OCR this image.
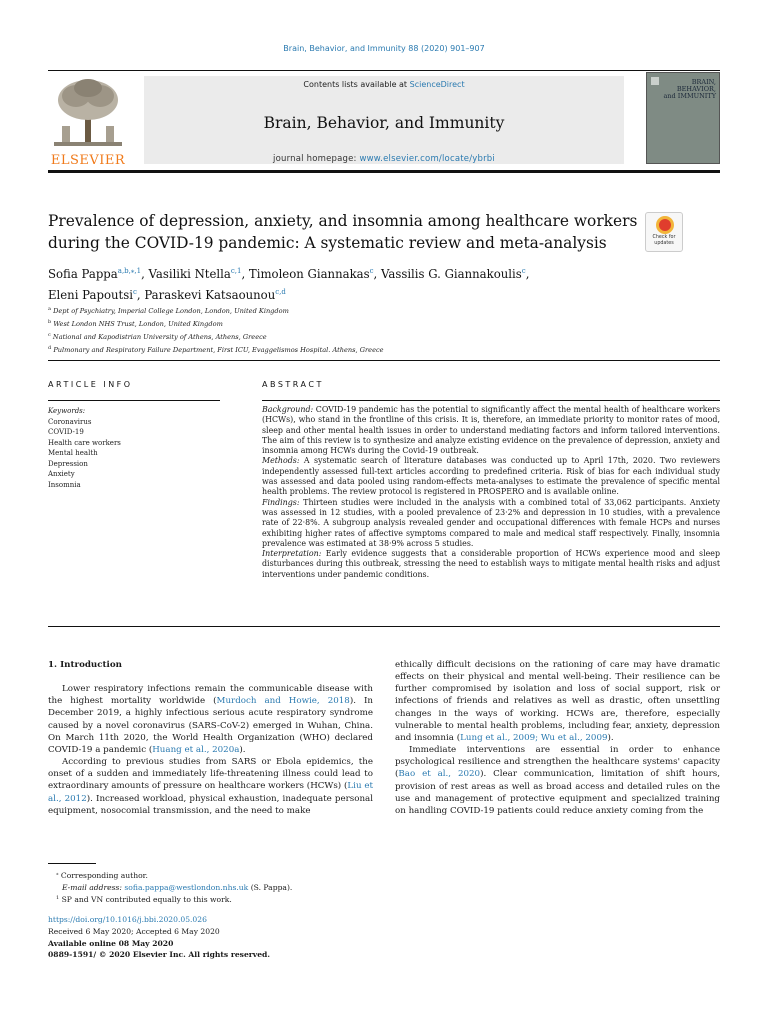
Brain, Behavior, and Immunity 88 (2020) 901–907
ELSEVIER
Contents lists available at ScienceDirect
Brain, Behavior, and Immunity
journal homepage: www.elsevier.com/locate/ybrbi
BRAIN,
BEHAVIOR,
and IMMUNITY
Prevalence of depression, anxiety, and insomnia among healthcare workers during the COVID-19 pandemic: A systematic review and meta-analysis	Check for updates
Sofia Pappa$^{a,b,⁎,1}$, Vasiliki Ntella$^{c,1}$, Timoleon Giannakas$^c$, Vassilis G. Giannakoulis$^c$,
Eleni Papoutsi$^c$, Paraskevi Katsaounou$^{c,d}$
$^a$ Dept of Psychiatry, Imperial College London, London, United Kingdom
$^b$ West London NHS Trust, London, United Kingdom
$^c$ National and Kapodistrian University of Athens, Athens, Greece
$^d$ Pulmonary and Respiratory Failure Department, First ICU, Evaggelismos Hospital. Athens, Greece
ARTICLE INFO
Keywords:
Coronavirus
COVID-19
Health care workers
Mental health
Depression
Anxiety
Insomnia
ABSTRACT

Background: COVID-19 pandemic has the potential to significantly affect the mental health of healthcare workers (HCWs), who stand in the frontline of this crisis. It is, therefore, an immediate priority to monitor rates of mood, sleep and other mental health issues in order to understand mediating factors and inform tailored interventions. The aim of this review is to synthesize and analyze existing evidence on the prevalence of depression, anxiety and insomnia among HCWs during the Covid-19 outbreak.

Methods: A systematic search of literature databases was conducted up to April 17th, 2020. Two reviewers independently assessed full-text articles according to predefined criteria. Risk of bias for each individual study was assessed and data pooled using random-effects meta-analyses to estimate the prevalence of specific mental health problems. The review protocol is registered in PROSPERO and is available online.

Findings: Thirteen studies were included in the analysis with a combined total of 33,062 participants. Anxiety was assessed in 12 studies, with a pooled prevalence of 23·2% and depression in 10 studies, with a prevalence rate of 22·8%. A subgroup analysis revealed gender and occupational differences with female HCPs and nurses exhibiting higher rates of affective symptoms compared to male and medical staff respectively. Finally, insomnia prevalence was estimated at 38·9% across 5 studies.

Interpretation: Early evidence suggests that a considerable proportion of HCWs experience mood and sleep disturbances during this outbreak, stressing the need to establish ways to mitigate mental health risks and adjust interventions under pandemic conditions.

1. Introduction

Lower respiratory infections remain the communicable disease with the highest mortality worldwide (Murdoch and Howie, 2018). In December 2019, a highly infectious serious acute respiratory syndrome caused by a novel coronavirus (SARS-CoV-2) emerged in Wuhan, China. On March 11th 2020, the World Health Organization (WHO) declared COVID-19 a pandemic (Huang et al., 2020a).

According to previous studies from SARS or Ebola epidemics, the onset of a sudden and immediately life-threatening illness could lead to extraordinary amounts of pressure on healthcare workers (HCWs) (Liu et al., 2012). Increased workload, physical exhaustion, inadequate personal equipment, nosocomial transmission, and the need to make

ethically difficult decisions on the rationing of care may have dramatic effects on their physical and mental well-being. Their resilience can be further compromised by isolation and loss of social support, risk or infections of friends and relatives as well as drastic, often unsettling changes in the ways of working. HCWs are, therefore, especially vulnerable to mental health problems, including fear, anxiety, depression and insomnia (Lung et al., 2009; Wu et al., 2009).

Immediate interventions are essential in order to enhance psychological resilience and strengthen the healthcare systems' capacity (Bao et al., 2020). Clear communication, limitation of shift hours, provision of rest areas as well as broad access and detailed rules on the use and management of protective equipment and specialized training on handling COVID-19 patients could reduce anxiety coming from the

⁎ Corresponding author.
E-mail address: sofia.pappa@westlondon.nhs.uk (S. Pappa).
$^1$ SP and VN contributed equally to this work.
https://doi.org/10.1016/j.bbi.2020.05.026
Received 6 May 2020; Accepted 6 May 2020
Available online 08 May 2020
0889-1591/ © 2020 Elsevier Inc. All rights reserved.
